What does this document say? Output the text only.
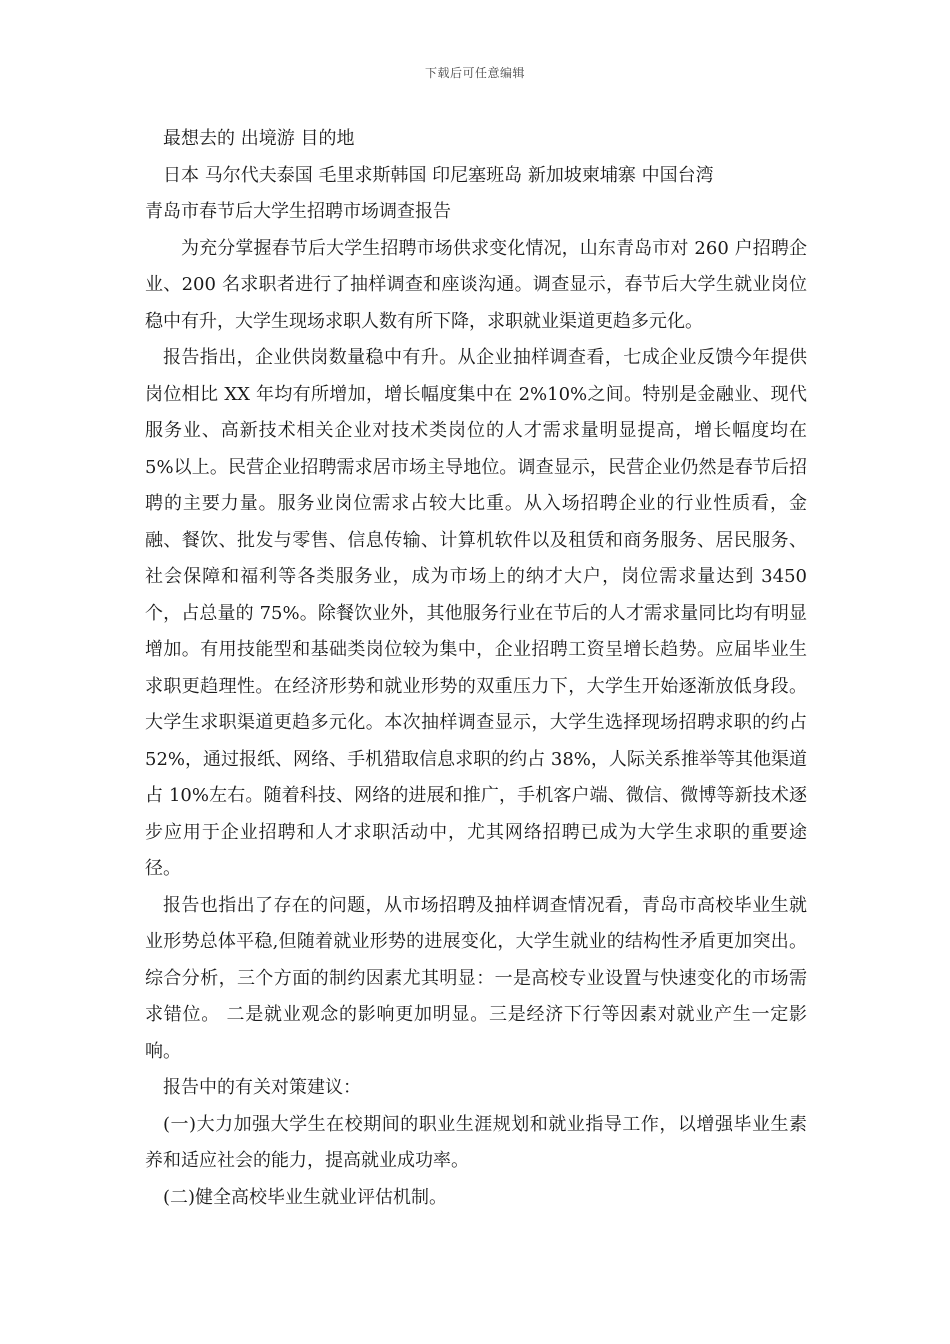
下载后可任意编辑

最想去的 出境游 目的地

日本 马尔代夫泰国 毛里求斯韩国 印尼塞班岛 新加坡柬埔寨 中国台湾

青岛市春节后大学生招聘市场调查报告

为充分掌握春节后大学生招聘市场供求变化情况，山东青岛市对 260 户招聘企业、200 名求职者进行了抽样调查和座谈沟通。调查显示，春节后大学生就业岗位稳中有升，大学生现场求职人数有所下降，求职就业渠道更趋多元化。

报告指出，企业供岗数量稳中有升。从企业抽样调查看，七成企业反馈今年提供岗位相比 XX 年均有所增加，增长幅度集中在 2%10%之间。特别是金融业、现代服务业、高新技术相关企业对技术类岗位的人才需求量明显提高，增长幅度均在 5%以上。民营企业招聘需求居市场主导地位。调查显示，民营企业仍然是春节后招聘的主要力量。服务业岗位需求占较大比重。从入场招聘企业的行业性质看，金融、餐饮、批发与零售、信息传输、计算机软件以及租赁和商务服务、居民服务、社会保障和福利等各类服务业，成为市场上的纳才大户，岗位需求量达到 3450 个，占总量的 75%。除餐饮业外，其他服务行业在节后的人才需求量同比均有明显增加。有用技能型和基础类岗位较为集中，企业招聘工资呈增长趋势。应届毕业生求职更趋理性。在经济形势和就业形势的双重压力下，大学生开始逐渐放低身段。大学生求职渠道更趋多元化。本次抽样调查显示，大学生选择现场招聘求职的约占 52%，通过报纸、网络、手机猎取信息求职的约占 38%，人际关系推举等其他渠道占 10%左右。随着科技、网络的进展和推广，手机客户端、微信、微博等新技术逐步应用于企业招聘和人才求职活动中，尤其网络招聘已成为大学生求职的重要途径。

报告也指出了存在的问题，从市场招聘及抽样调查情况看，青岛市高校毕业生就业形势总体平稳,但随着就业形势的进展变化，大学生就业的结构性矛盾更加突出。综合分析，三个方面的制约因素尤其明显：一是高校专业设置与快速变化的市场需求错位。 二是就业观念的影响更加明显。三是经济下行等因素对就业产生一定影响。

报告中的有关对策建议：

(一)大力加强大学生在校期间的职业生涯规划和就业指导工作，以增强毕业生素养和适应社会的能力，提高就业成功率。

(二)健全高校毕业生就业评估机制。
